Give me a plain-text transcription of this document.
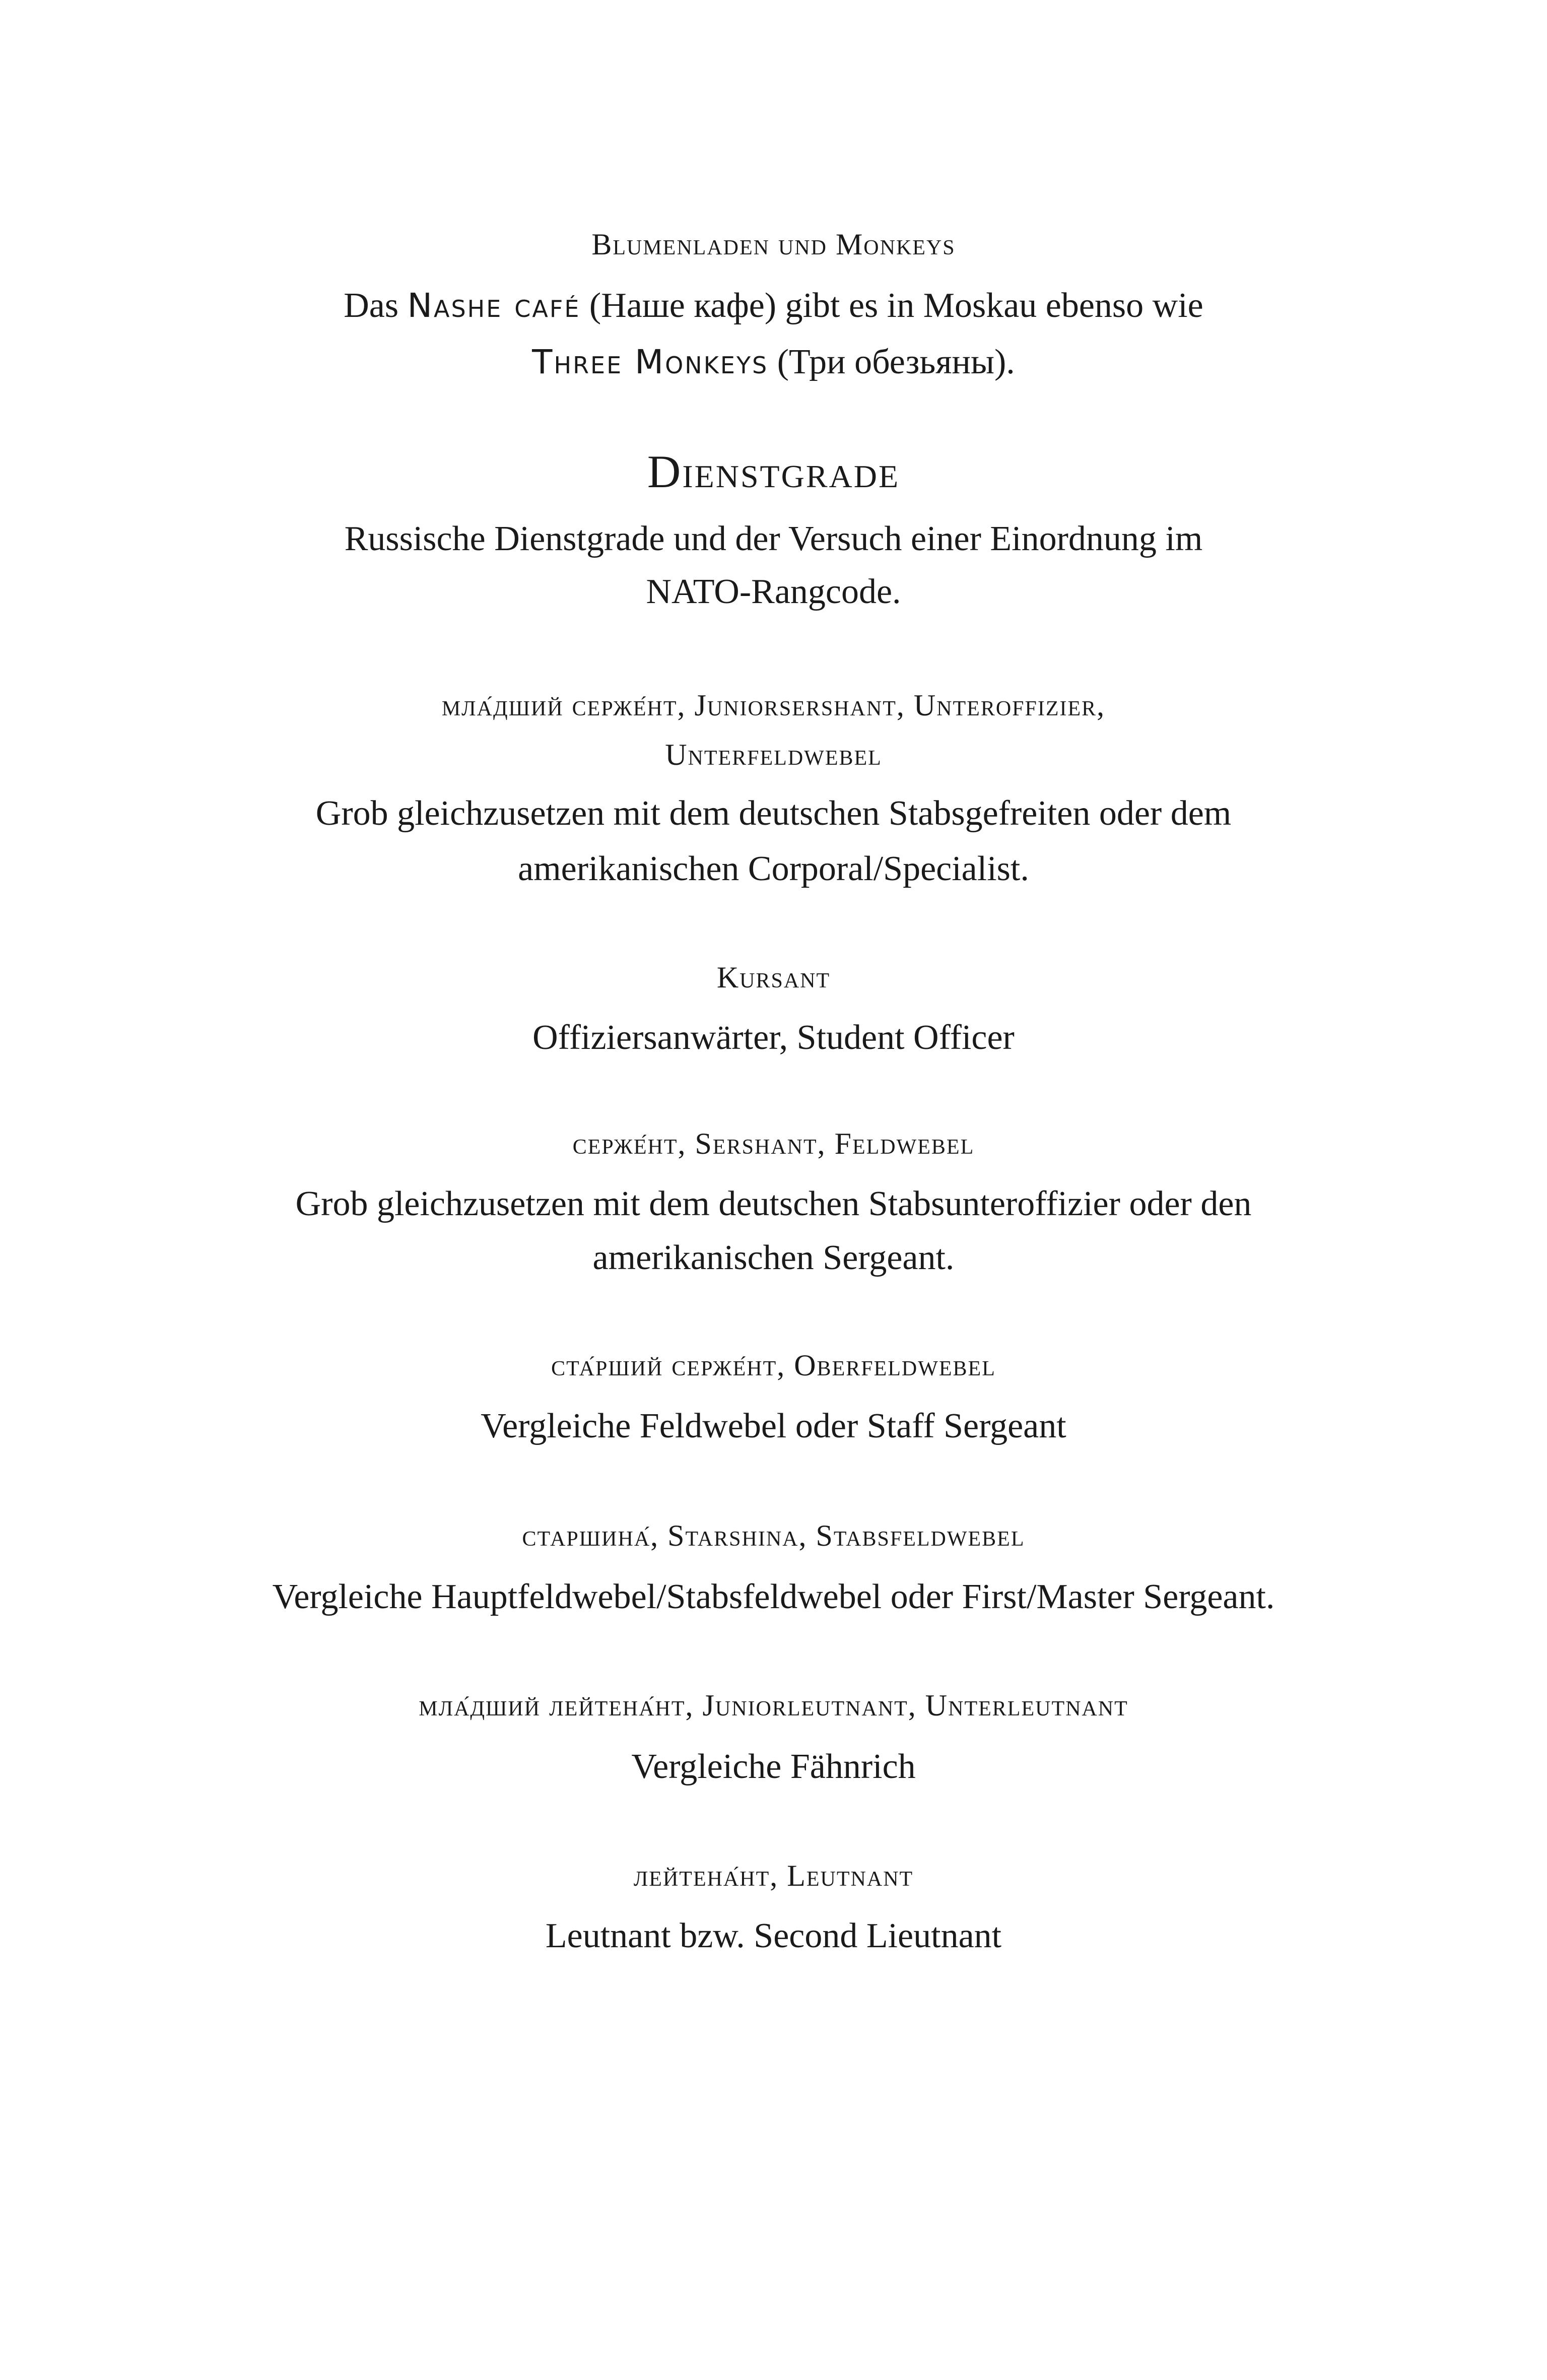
Blumenladen und Monkeys
Das Nashe café (Наше кафе) gibt es in Moskau ebenso wie
Three Monkeys (Три обезьяны).
Dienstgrade
Russische Dienstgrade und der Versuch einer Einordnung im
NATO-Rangcode.
мла́дший серже́нт, Juniorsershant, Unteroffizier,
Unterfeldwebel
Grob gleichzusetzen mit dem deutschen Stabsgefreiten oder dem
amerikanischen Corporal/Specialist.
Kursant
Offiziersanwärter, Student Officer
серже́нт, Sershant, Feldwebel
Grob gleichzusetzen mit dem deutschen Stabsunteroffizier oder den
amerikanischen Sergeant.
ста́рший серже́нт, Oberfeldwebel
Vergleiche Feldwebel oder Staff Sergeant
старшина́, Starshina, Stabsfeldwebel
Vergleiche Hauptfeldwebel/Stabsfeldwebel oder First/Master Sergeant.
мла́дший лейтена́нт, Juniorleutnant, Unterleutnant
Vergleiche Fähnrich
лейтена́нт, Leutnant
Leutnant bzw. Second Lieutnant
